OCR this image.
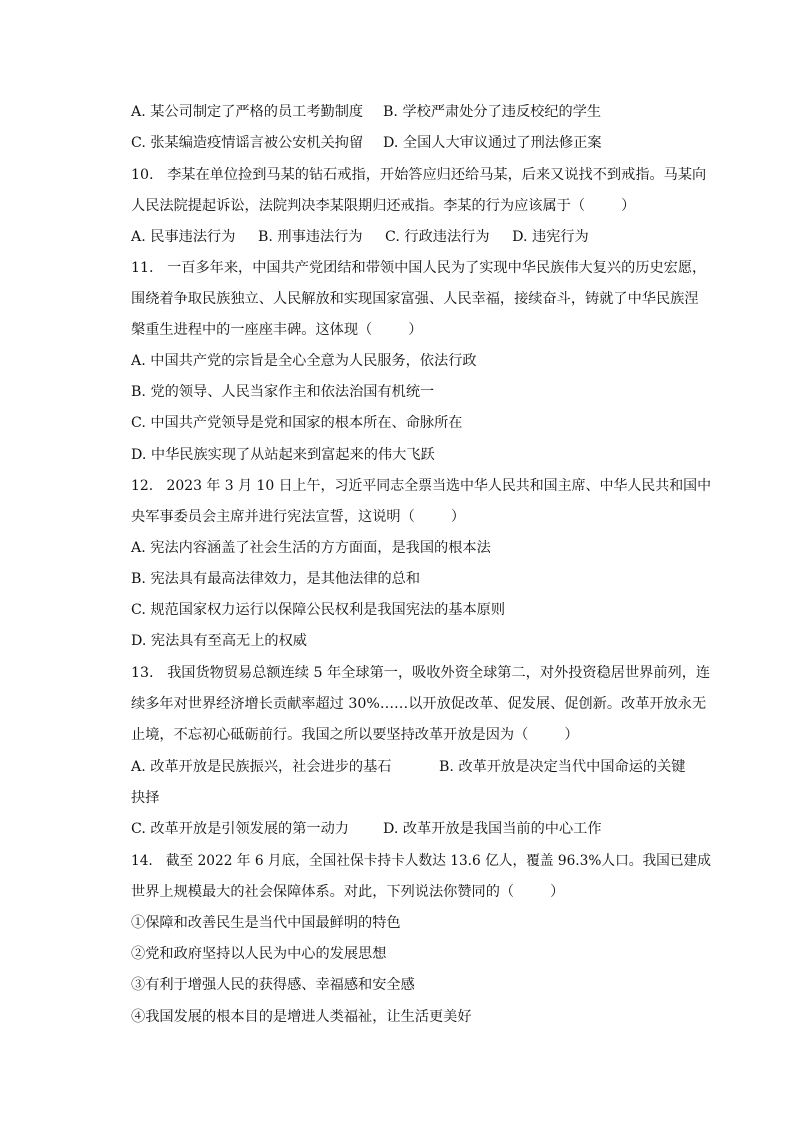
A. 某公司制定了严格的员工考勤制度 B. 学校严肃处分了违反校纪的学生
C. 张某编造疫情谣言被公安机关拘留 D. 全国人大审议通过了刑法修正案
10.   李某在单位捡到马某的钻石戒指，开始答应归还给马某，后来又说找不到戒指。马某向
人民法院提起诉讼，法院判决李某限期归还戒指。李某的行为应该属于（        ）
A. 民事违法行为     B. 刑事违法行为     C. 行政违法行为     D. 违宪行为
11.   一百多年来，中国共产党团结和带领中国人民为了实现中华民族伟大复兴的历史宏愿，
围绕着争取民族独立、人民解放和实现国家富强、人民幸福，接续奋斗，铸就了中华民族涅
槃重生进程中的一座座丰碑。这体现（        ）
A. 中国共产党的宗旨是全心全意为人民服务，依法行政
B. 党的领导、人民当家作主和依法治国有机统一
C. 中国共产党领导是党和国家的根本所在、命脉所在
D. 中华民族实现了从站起来到富起来的伟大飞跃
12.   2023 年 3 月 10 日上午，习近平同志全票当选中华人民共和国主席、中华人民共和国中
央军事委员会主席并进行宪法宣誓，这说明（        ）
A. 宪法内容涵盖了社会生活的方方面面，是我国的根本法
B. 宪法具有最高法律效力，是其他法律的总和
C. 规范国家权力运行以保障公民权利是我国宪法的基本原则
D. 宪法具有至高无上的权威
13.   我国货物贸易总额连续 5 年全球第一，吸收外资全球第二，对外投资稳居世界前列，连
续多年对世界经济增长贡献率超过 30%……以开放促改革、促发展、促创新。改革开放永无
止境，不忘初心砥砺前行。我国之所以要坚持改革开放是因为（        ）
A. 改革开放是民族振兴，社会进步的基石	B. 改革开放是决定当代中国命运的关键
抉择
C. 改革开放是引领发展的第一动力 D. 改革开放是我国当前的中心工作
14.   截至 2022 年 6 月底，全国社保卡持卡人数达 13.6 亿人，覆盖 96.3%人口。我国已建成
世界上规模最大的社会保障体系。对此，下列说法你赞同的（        ）
①保障和改善民生是当代中国最鲜明的特色
②党和政府坚持以人民为中心的发展思想
③有利于增强人民的获得感、幸福感和安全感
④我国发展的根本目的是增进人类福祉，让生活更美好
